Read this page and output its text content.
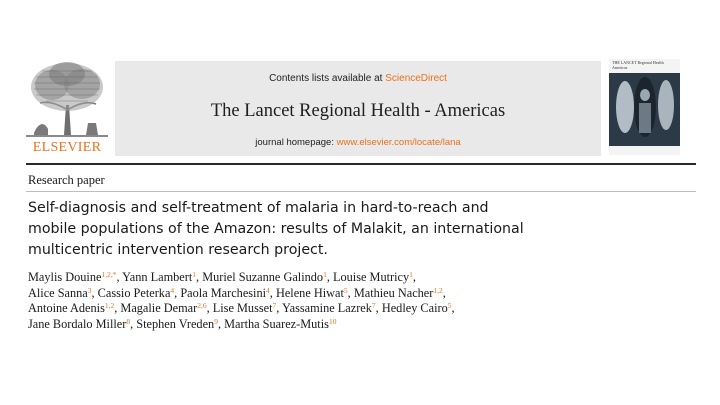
ELSEVIER
Contents lists available at ScienceDirect
The Lancet Regional Health - Americas
journal homepage: www.elsevier.com/locate/lana
THE LANCET Regional Health
Americas
Research paper
Self-diagnosis and self-treatment of malaria in hard-to-reach and
mobile populations of the Amazon: results of Malakit, an international
multicentric intervention research project.
Maylis Douine$^{1,2,*}$, Yann Lambert$^1$, Muriel Suzanne Galindo$^1$, Louise Mutricy$^1$,
Alice Sanna$^3$, Cassio Peterka$^4$, Paola Marchesini$^4$, Helene Hiwat$^5$, Mathieu Nacher$^{1,2}$,
Antoine Adenis$^{1,2}$, Magalie Demar$^{2,6}$, Lise Musset$^7$, Yassamine Lazrek$^7$, Hedley Cairo$^5$,
Jane Bordalo Miller$^8$, Stephen Vreden$^9$, Martha Suarez-Mutis$^{10}$
